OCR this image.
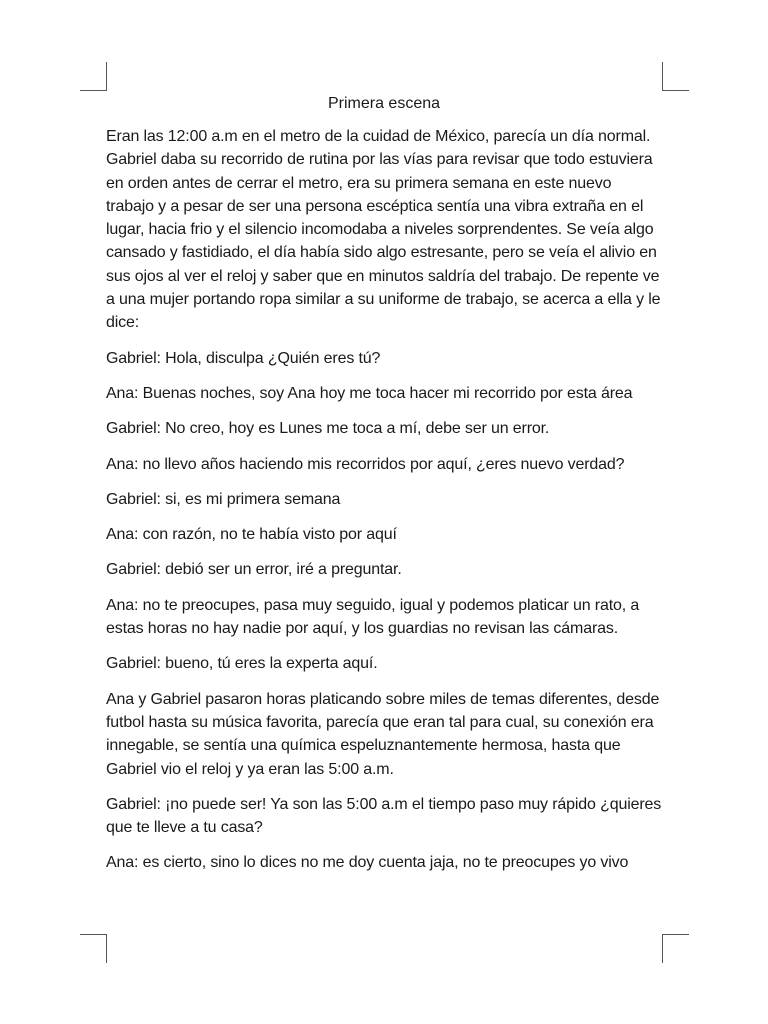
Primera escena

Eran las 12:00 a.m en el metro de la cuidad de México, parecía un día normal. Gabriel daba su recorrido de rutina por las vías para revisar que todo estuviera en orden antes de cerrar el metro, era su primera semana en este nuevo trabajo y a pesar de ser una persona escéptica sentía una vibra extraña en el lugar, hacia frio y el silencio incomodaba a niveles sorprendentes. Se veía algo cansado y fastidiado, el día había sido algo estresante, pero se veía el alivio en sus ojos al ver el reloj y saber que en minutos saldría del trabajo. De repente ve a una mujer portando ropa similar a su uniforme de trabajo, se acerca a ella y le dice:

Gabriel: Hola, disculpa ¿Quién eres tú?

Ana: Buenas noches, soy Ana hoy me toca hacer mi recorrido por esta área

Gabriel: No creo, hoy es Lunes me toca a mí, debe ser un error.

Ana: no llevo años haciendo mis recorridos por aquí, ¿eres nuevo verdad?

Gabriel: si, es mi primera semana

Ana: con razón, no te había visto por aquí

Gabriel: debió ser un error, iré a preguntar.

Ana: no te preocupes, pasa muy seguido, igual y podemos platicar un rato, a estas horas no hay nadie por aquí, y los guardias no revisan las cámaras.

Gabriel: bueno, tú eres la experta aquí.

Ana y Gabriel pasaron horas platicando sobre miles de temas diferentes, desde futbol hasta su música favorita, parecía que eran tal para cual, su conexión era innegable, se sentía una química espeluznantemente hermosa, hasta que Gabriel vio el reloj y ya eran las 5:00 a.m.

Gabriel: ¡no puede ser! Ya son las 5:00 a.m el tiempo paso muy rápido ¿quieres que te lleve a tu casa?

Ana: es cierto, sino lo dices no me doy cuenta jaja, no te preocupes yo vivo
